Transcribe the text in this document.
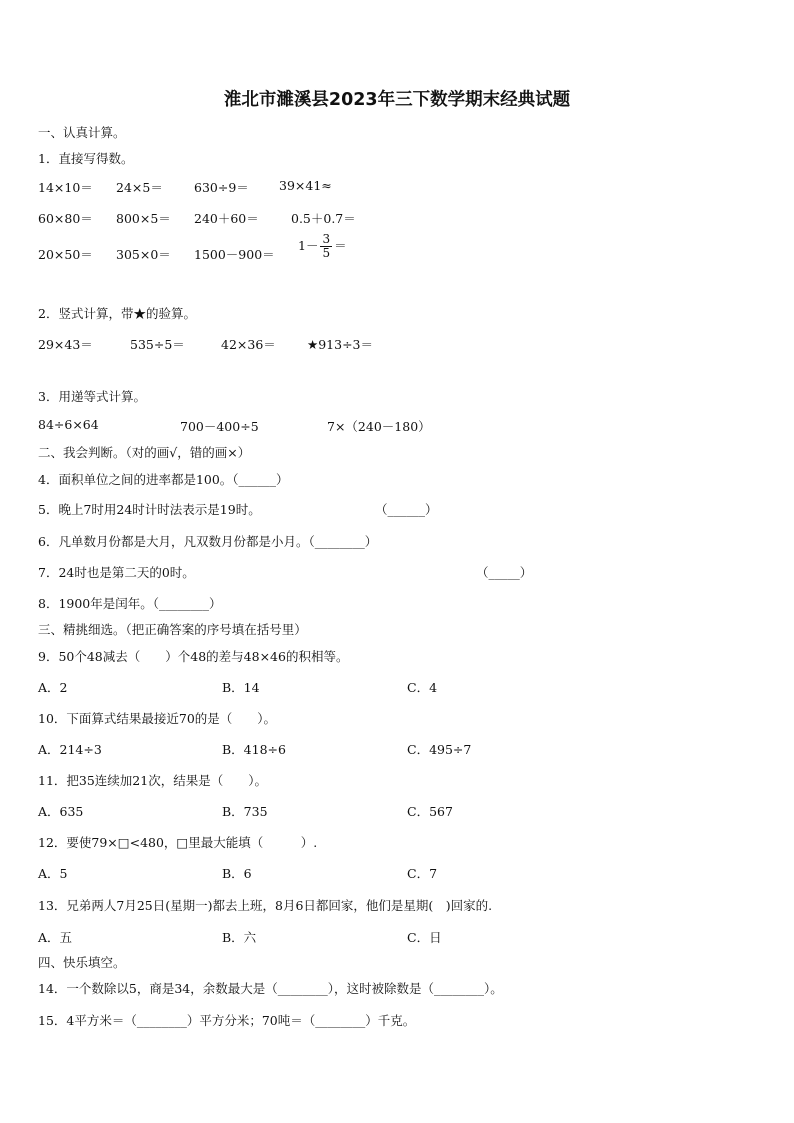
淮北市濉溪县2023年三下数学期末经典试题
一、认真计算。
1．直接写得数。
14×10＝ 24×5＝ 630÷9＝ 39×41≈
60×80＝ 800×5＝ 240＋60＝	0.5＋0.7＝
20×50＝ 305×0＝ 1500－900＝
$1- \frac{3}{5}$ ＝
2．竖式计算，带★的验算。
29×43＝	535÷5＝	42×36＝ ★913÷3＝
3．用递等式计算。
84÷6×64	700－400÷5	7×（240－180）
二、我会判断。（对的画√，错的画×）
4．面积单位之间的进率都是100。（______）
5．晚上7时用24时计时法表示是19时。	（______）
6．凡单数月份都是大月，凡双数月份都是小月。（________）
7．24时也是第二天的0时。	（_____）
8．1900年是闰年。（________）
三、精挑细选。（把正确答案的序号填在括号里）
9．50个48减去（　　）个48的差与48×46的积相等。
A．2	B．14	C．4
10．下面算式结果最接近70的是（　　）。
A．214÷3	B．418÷6	C．495÷7
11．把35连续加21次，结果是（　　）。
A．635	B．735	C．567
12．要使79×□<480，□里最大能填（　　　）.
A．5	B．6	C．7
13．兄弟两人7月25日(星期一)都去上班，8月6日都回家，他们是星期(　)回家的.
A．五	B．六	C．日
四、快乐填空。
14．一个数除以5，商是34，余数最大是（________），这时被除数是（________）。
15．4平方米＝（________）平方分米；70吨＝（________）千克。
